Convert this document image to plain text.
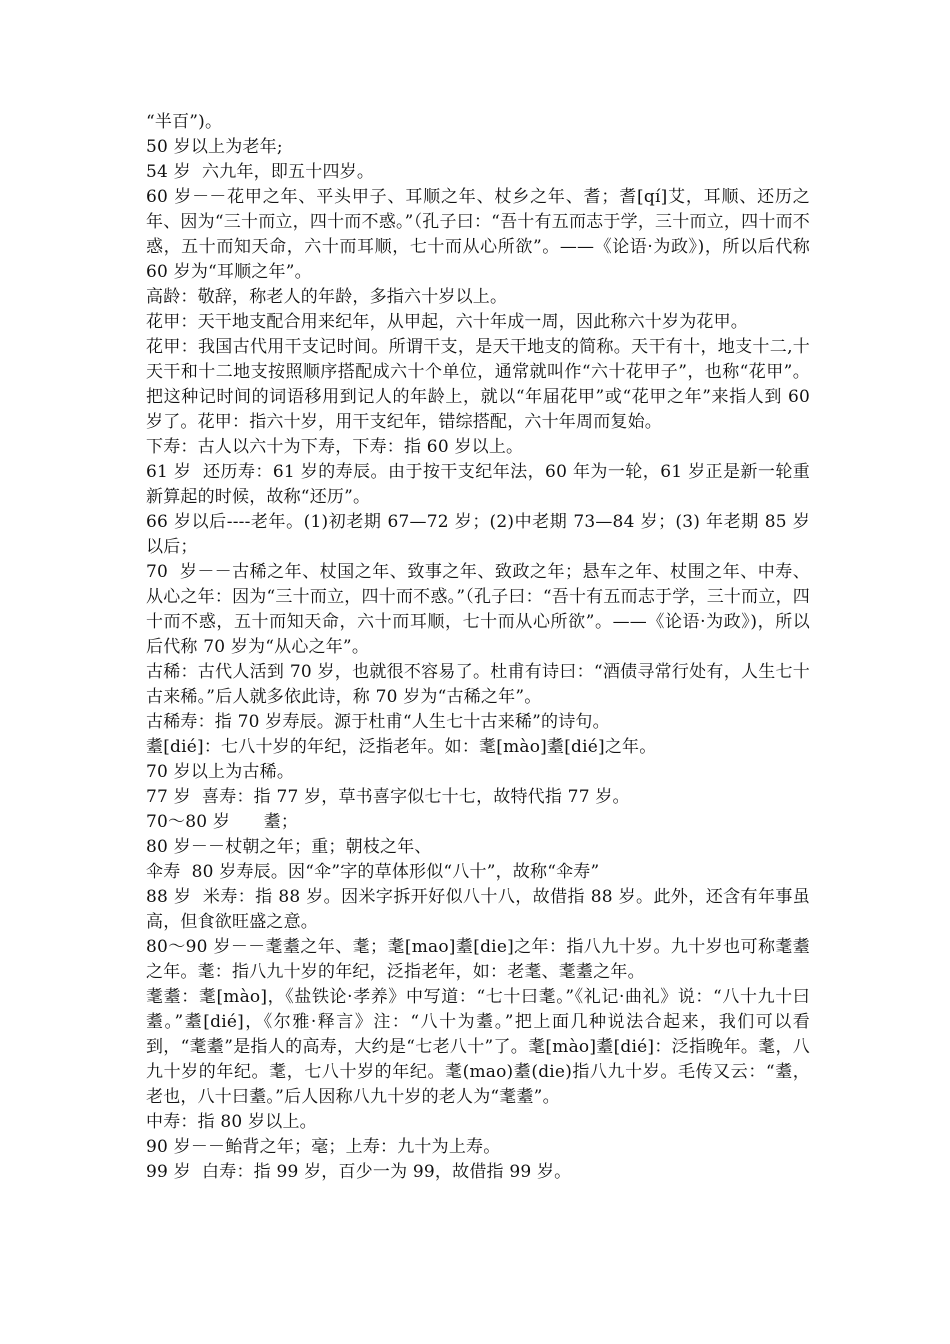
“半百”)。

50 岁以上为老年;

54 岁  六九年，即五十四岁。

60 岁－－花甲之年、平头甲子、耳顺之年、杖乡之年、耆；耆[qí]艾，耳顺、还历之年、因为“三十而立，四十而不惑。”（孔子曰：“吾十有五而志于学，三十而立，四十而不惑，五十而知天命，六十而耳顺，七十而从心所欲”。——《论语·为政》)，所以后代称 60 岁为“耳顺之年”。

高龄：敬辞，称老人的年龄，多指六十岁以上。

花甲：天干地支配合用来纪年，从甲起，六十年成一周，因此称六十岁为花甲。

花甲：我国古代用干支记时间。所谓干支，是天干地支的简称。天干有十，地支十二,十天干和十二地支按照顺序搭配成六十个单位，通常就叫作“六十花甲子”，也称“花甲”。把这种记时间的词语移用到记人的年龄上，就以“年届花甲”或“花甲之年”来指人到 60 岁了。花甲：指六十岁，用干支纪年，错综搭配，六十年周而复始。

下寿：古人以六十为下寿，下寿：指 60 岁以上。

61 岁  还历寿：61 岁的寿辰。由于按干支纪年法，60 年为一轮，61 岁正是新一轮重新算起的时候，故称“还历”。

66 岁以后----老年。(1)初老期 67—72 岁；(2)中老期 73—84 岁；(3) 年老期 85 岁以后；

70  岁－－古稀之年、杖国之年、致事之年、致政之年；悬车之年、杖围之年、中寿、从心之年：因为“三十而立，四十而不惑。”（孔子曰：“吾十有五而志于学，三十而立，四十而不惑，五十而知天命，六十而耳顺，七十而从心所欲”。——《论语·为政》)，所以后代称 70 岁为“从心之年”。

古稀：古代人活到 70 岁，也就很不容易了。杜甫有诗曰：“酒债寻常行处有，人生七十古来稀。”后人就多依此诗，称 70 岁为“古稀之年”。

古稀寿：指 70 岁寿辰。源于杜甫“人生七十古来稀”的诗句。

耋[dié]：七八十岁的年纪，泛指老年。如：耄[mào]耋[dié]之年。

70 岁以上为古稀。

77 岁  喜寿：指 77 岁，草书喜字似七十七，故特代指 77 岁。

70～80 岁      耋；

80 岁－－杖朝之年；重；朝枝之年、

伞寿  80 岁寿辰。因“伞”字的草体形似“八十”，故称“伞寿”

88 岁  米寿：指 88 岁。因米字拆开好似八十八，故借指 88 岁。此外，还含有年事虽高，但食欲旺盛之意。

80～90 岁－－耄耋之年、耄；耄[mao]耋[die]之年：指八九十岁。九十岁也可称耄耋之年。耄：指八九十岁的年纪，泛指老年，如：老耄、耄耋之年。

耄耋：耄[mào]，《盐铁论·孝养》中写道：“七十曰耄。”《礼记·曲礼》说：“八十九十曰耋。”耋[dié]，《尔雅·释言》注：“八十为耋。”把上面几种说法合起来，我们可以看到，“耄耋”是指人的高寿，大约是“七老八十”了。耄[mào]耋[dié]：泛指晚年。耄，八九十岁的年纪。耄，七八十岁的年纪。耄(mao)耋(die)指八九十岁。毛传又云：“耋，老也，八十曰耋。”后人因称八九十岁的老人为“耄耋”。

中寿：指 80 岁以上。

90 岁－－鲐背之年；毫；上寿：九十为上寿。

99 岁  白寿：指 99 岁，百少一为 99，故借指 99 岁。
